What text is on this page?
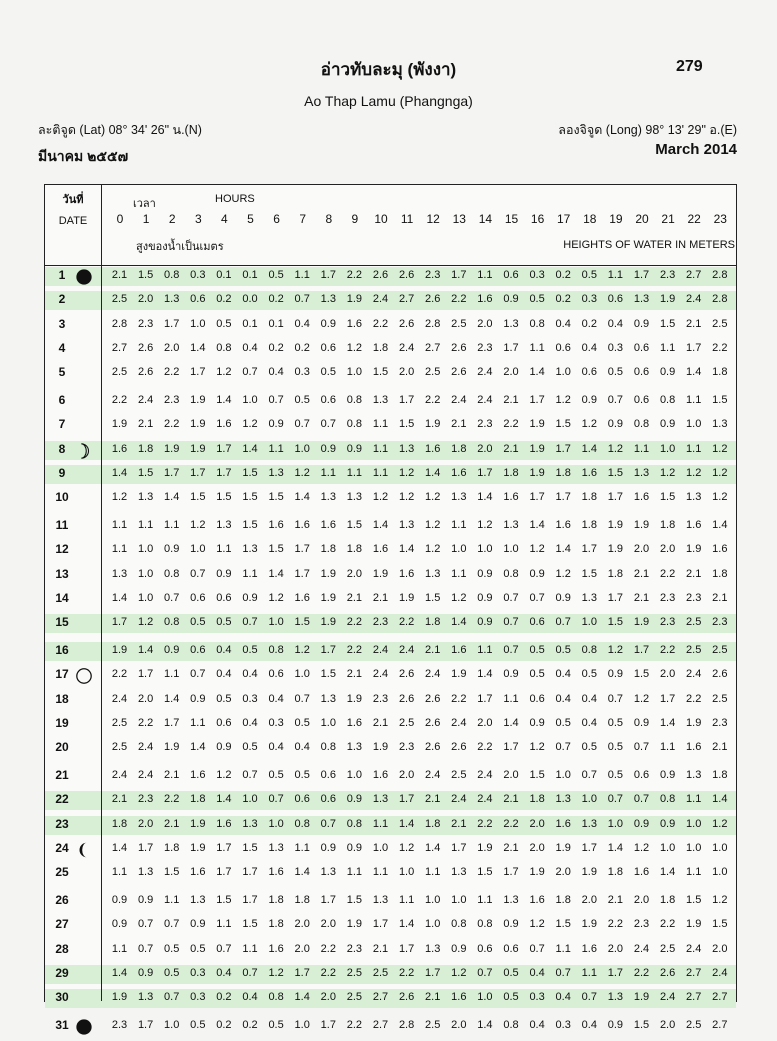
อ่าวทับละมุ (พังงา)	279
Ao Thap Lamu (Phangnga)
ละติจูด (Lat) 08° 34' 26" น.(N)	ลองจิจูด (Long) 98° 13' 29" อ.(E)
มีนาคม ๒๕๕๗	March 2014
วันที่
DATE
เวลา	HOURS
สูงของน้ำเป็นเมตร	HEIGHTS OF WATER IN METERS
0	1	2	3	4	5	6	7	8	9	10	11	12 13 14 15 16 17 18 19 20 21 22 23
1	2.1 1.5 0.8 0.3 0.1 0.1 0.5 1.1 1.7 2.2 2.6 2.6 2.3 1.7 1.1 0.6 0.3 0.2 0.5 1.1 1.7 2.3 2.7 2.8
2	2.5 2.0 1.3 0.6 0.2 0.0 0.2 0.7 1.3 1.9 2.4 2.7 2.6 2.2 1.6 0.9 0.5 0.2 0.3 0.6 1.3 1.9 2.4 2.8
3	2.8 2.3 1.7 1.0 0.5 0.1 0.1 0.4 0.9 1.6 2.2 2.6 2.8 2.5 2.0 1.3 0.8 0.4 0.2 0.4 0.9 1.5 2.1 2.5
4	2.7 2.6 2.0 1.4 0.8 0.4 0.2 0.2 0.6 1.2 1.8 2.4 2.7 2.6 2.3 1.7 1.1 0.6 0.4 0.3 0.6 1.1 1.7 2.2
5	2.5 2.6 2.2 1.7 1.2 0.7 0.4 0.3 0.5 1.0 1.5 2.0 2.5 2.6 2.4 2.0 1.4 1.0 0.6 0.5 0.6 0.9 1.4 1.8
6	2.2 2.4 2.3 1.9 1.4 1.0 0.7 0.5 0.6 0.8 1.3 1.7 2.2 2.4 2.4 2.1 1.7 1.2 0.9 0.7 0.6 0.8 1.1 1.5
7	1.9 2.1 2.2 1.9 1.6 1.2 0.9 0.7 0.7 0.8 1.1 1.5 1.9 2.1 2.3 2.2 1.9 1.5 1.2 0.9 0.8 0.9 1.0 1.3
8	1.6 1.8 1.9 1.9 1.7 1.4 1.1 1.0 0.9 0.9 1.1 1.3 1.6 1.8 2.0 2.1 1.9 1.7 1.4 1.2 1.1 1.0 1.1 1.2
9	1.4 1.5 1.7 1.7 1.7 1.5 1.3 1.2 1.1 1.1 1.1 1.2 1.4 1.6 1.7 1.8 1.9 1.8 1.6 1.5 1.3 1.2 1.2 1.2
10	1.2 1.3 1.4 1.5 1.5 1.5 1.5 1.4 1.3 1.3 1.2 1.2 1.2 1.3 1.4 1.6 1.7 1.7 1.8 1.7 1.6 1.5 1.3 1.2
11	1.1 1.1 1.1 1.2 1.3 1.5 1.6 1.6 1.6 1.5 1.4 1.3 1.2 1.1 1.2 1.3 1.4 1.6 1.8 1.9 1.9 1.8 1.6 1.4
12	1.1 1.0 0.9 1.0 1.1 1.3 1.5 1.7 1.8 1.8 1.6 1.4 1.2 1.0 1.0 1.0 1.2 1.4 1.7 1.9 2.0 2.0 1.9 1.6
13	1.3 1.0 0.8 0.7 0.9 1.1 1.4 1.7 1.9 2.0 1.9 1.6 1.3 1.1 0.9 0.8 0.9 1.2 1.5 1.8 2.1 2.2 2.1 1.8
14	1.4 1.0 0.7 0.6 0.6 0.9 1.2 1.6 1.9 2.1 2.1 1.9 1.5 1.2 0.9 0.7 0.7 0.9 1.3 1.7 2.1 2.3 2.3 2.1
15	1.7 1.2 0.8 0.5 0.5 0.7 1.0 1.5 1.9 2.2 2.3 2.2 1.8 1.4 0.9 0.7 0.6 0.7 1.0 1.5 1.9 2.3 2.5 2.3
16	1.9 1.4 0.9 0.6 0.4 0.5 0.8 1.2 1.7 2.2 2.4 2.4 2.1 1.6 1.1 0.7 0.5 0.5 0.8 1.2 1.7 2.2 2.5 2.5
17	2.2 1.7 1.1 0.7 0.4 0.4 0.6 1.0 1.5 2.1 2.4 2.6 2.4 1.9 1.4 0.9 0.5 0.4 0.5 0.9 1.5 2.0 2.4 2.6
18	2.4 2.0 1.4 0.9 0.5 0.3 0.4 0.7 1.3 1.9 2.3 2.6 2.6 2.2 1.7 1.1 0.6 0.4 0.4 0.7 1.2 1.7 2.2 2.5
19	2.5 2.2 1.7 1.1 0.6 0.4 0.3 0.5 1.0 1.6 2.1 2.5 2.6 2.4 2.0 1.4 0.9 0.5 0.4 0.5 0.9 1.4 1.9 2.3
20	2.5 2.4 1.9 1.4 0.9 0.5 0.4 0.4 0.8 1.3 1.9 2.3 2.6 2.6 2.2 1.7 1.2 0.7 0.5 0.5 0.7 1.1 1.6 2.1
21	2.4 2.4 2.1 1.6 1.2 0.7 0.5 0.5 0.6 1.0 1.6 2.0 2.4 2.5 2.4 2.0 1.5 1.0 0.7 0.5 0.6 0.9 1.3 1.8
22	2.1 2.3 2.2 1.8 1.4 1.0 0.7 0.6 0.6 0.9 1.3 1.7 2.1 2.4 2.4 2.1 1.8 1.3 1.0 0.7 0.7 0.8 1.1 1.4
23	1.8 2.0 2.1 1.9 1.6 1.3 1.0 0.8 0.7 0.8 1.1 1.4 1.8 2.1 2.2 2.2 2.0 1.6 1.3 1.0 0.9 0.9 1.0 1.2
24	1.4 1.7 1.8 1.9 1.7 1.5 1.3 1.1 0.9 0.9 1.0 1.2 1.4 1.7 1.9 2.1 2.0 1.9 1.7 1.4 1.2 1.0 1.0 1.0
25	1.1 1.3 1.5 1.6 1.7 1.7 1.6 1.4 1.3 1.1 1.1 1.0 1.1 1.3 1.5 1.7 1.9 2.0 1.9 1.8 1.6 1.4 1.1 1.0
26	0.9 0.9 1.1 1.3 1.5 1.7 1.8 1.8 1.7 1.5 1.3 1.1 1.0 1.0 1.1 1.3 1.6 1.8 2.0 2.1 2.0 1.8 1.5 1.2
27	0.9 0.7 0.7 0.9 1.1 1.5 1.8 2.0 2.0 1.9 1.7 1.4 1.0 0.8 0.8 0.9 1.2 1.5 1.9 2.2 2.3 2.2 1.9 1.5
28	1.1 0.7 0.5 0.5 0.7 1.1 1.6 2.0 2.2 2.3 2.1 1.7 1.3 0.9 0.6 0.6 0.7 1.1 1.6 2.0 2.4 2.5 2.4 2.0
29	1.4 0.9 0.5 0.3 0.4 0.7 1.2 1.7 2.2 2.5 2.5 2.2 1.7 1.2 0.7 0.5 0.4 0.7 1.1 1.7 2.2 2.6 2.7 2.4
30	1.9 1.3 0.7 0.3 0.2 0.4 0.8 1.4 2.0 2.5 2.7 2.6 2.1 1.6 1.0 0.5 0.3 0.4 0.7 1.3 1.9 2.4 2.7 2.7
31	2.3 1.7 1.0 0.5 0.2 0.2 0.5 1.0 1.7 2.2 2.7 2.8 2.5 2.0 1.4 0.8 0.4 0.3 0.4 0.9 1.5 2.0 2.5 2.7
